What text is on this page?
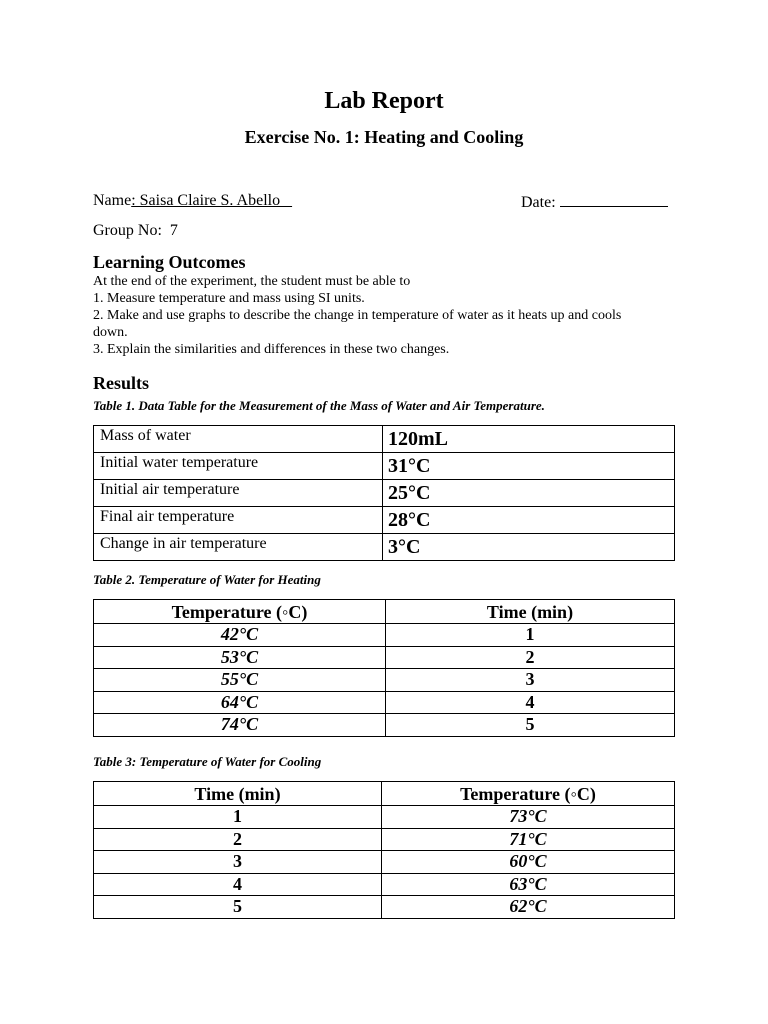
Lab Report
Exercise No. 1: Heating and Cooling
Name: Saisa Claire S. Abello	Date:
Group No: 7
Learning Outcomes

At the end of the experiment, the student must be able to

1. Measure temperature and mass using SI units.

2. Make and use graphs to describe the change in temperature of water as it heats up and cools down.

3. Explain the similarities and differences in these two changes.

Results
Table 1. Data Table for the Measurement of the Mass of Water and Air Temperature.
Mass of water	120mL
Initial water temperature	31°C
Initial air temperature	25°C
Final air temperature	28°C
Change in air temperature	3°C
Table 2. Temperature of Water for Heating
Temperature (◦C)	Time (min)
42°C	1
53°C	2
55°C	3
64°C	4
74°C	5
Table 3: Temperature of Water for Cooling
Time (min)	Temperature (◦C)
1	73°C
2	71°C
3	60°C
4	63°C
5	62°C
